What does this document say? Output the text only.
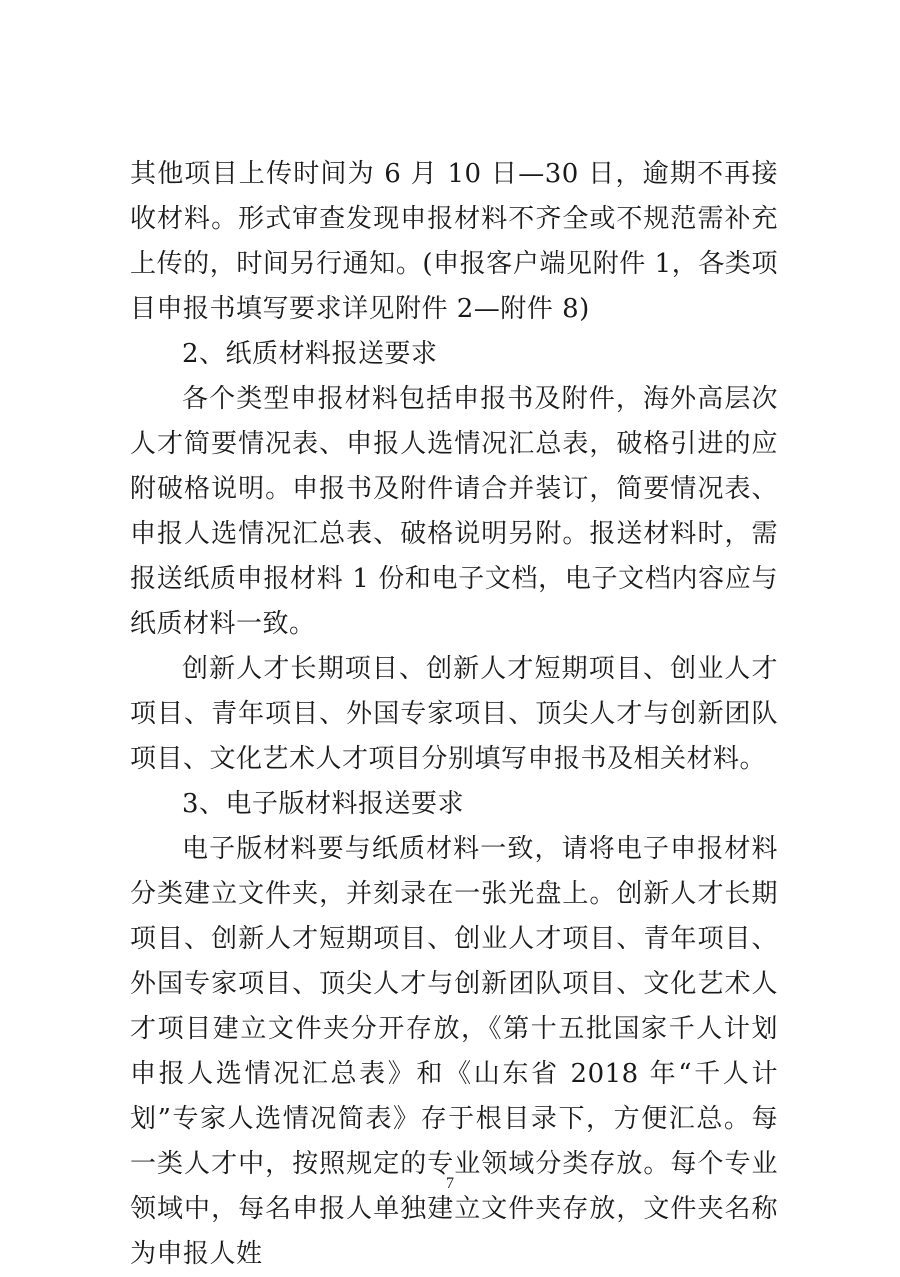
其他项目上传时间为 6 月 10 日—30 日，逾期不再接收材料。形式审查发现申报材料不齐全或不规范需补充上传的，时间另行通知。(申报客户端见附件 1，各类项目申报书填写要求详见附件 2—附件 8)

2、纸质材料报送要求

各个类型申报材料包括申报书及附件，海外高层次人才简要情况表、申报人选情况汇总表，破格引进的应附破格说明。申报书及附件请合并装订，简要情况表、申报人选情况汇总表、破格说明另附。报送材料时，需报送纸质申报材料 1 份和电子文档，电子文档内容应与纸质材料一致。

创新人才长期项目、创新人才短期项目、创业人才项目、青年项目、外国专家项目、顶尖人才与创新团队项目、文化艺术人才项目分别填写申报书及相关材料。

3、电子版材料报送要求

电子版材料要与纸质材料一致，请将电子申报材料分类建立文件夹，并刻录在一张光盘上。创新人才长期项目、创新人才短期项目、创业人才项目、青年项目、外国专家项目、顶尖人才与创新团队项目、文化艺术人才项目建立文件夹分开存放，《第十五批国家千人计划申报人选情况汇总表》和《山东省 2018 年“千人计划”专家人选情况简表》存于根目录下，方便汇总。每一类人才中，按照规定的专业领域分类存放。每个专业领域中，每名申报人单独建立文件夹存放，文件夹名称为申报人姓

7
